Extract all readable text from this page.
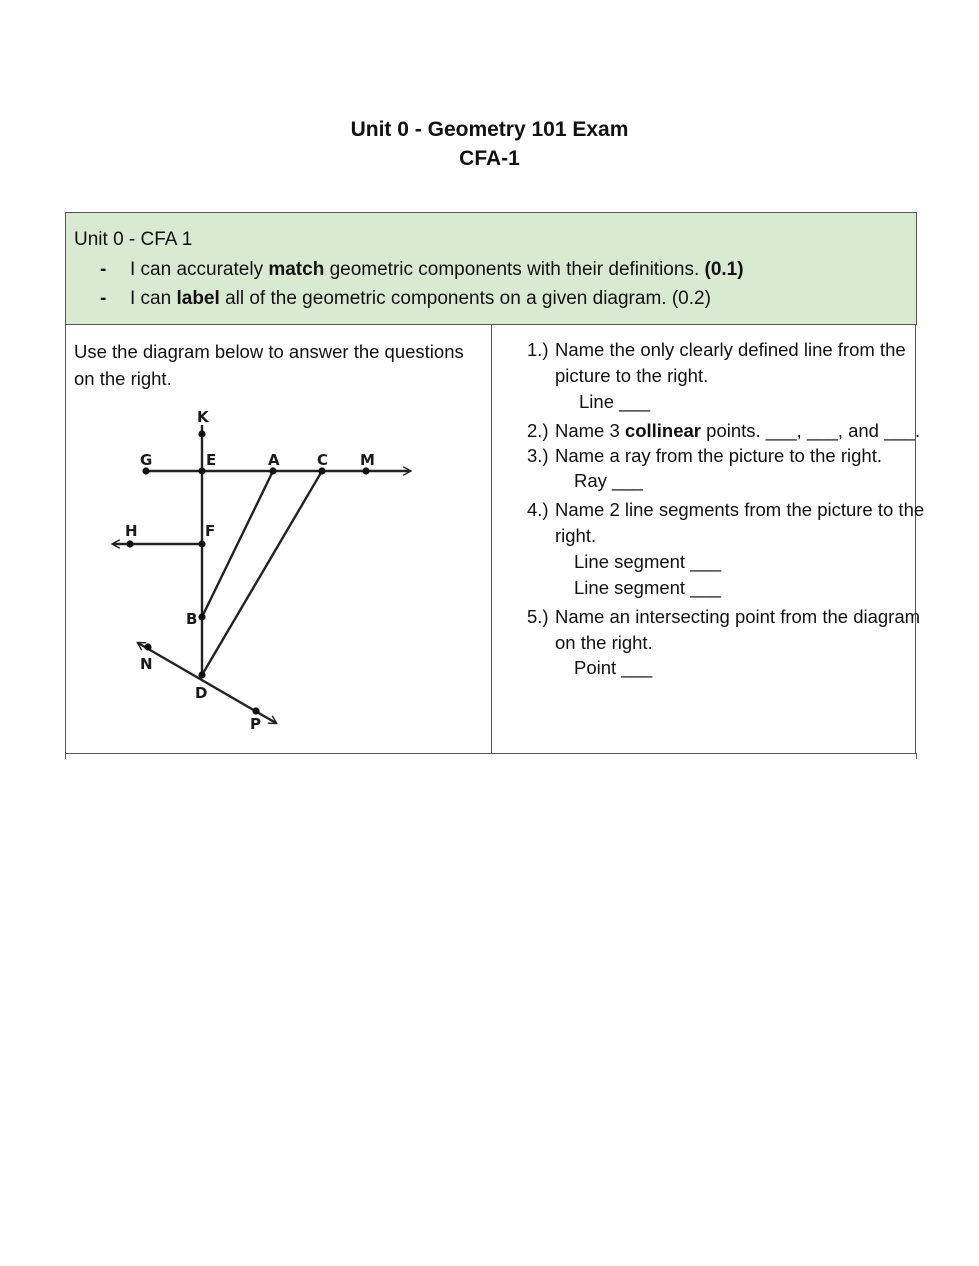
Unit 0 - Geometry 101 Exam
CFA-1
Unit 0 - CFA 1
- I can accurately match geometric components with their definitions. (0.1)
- I can label all of the geometric components on a given diagram. (0.2)
Use the diagram below to answer the questions on the right.
K
G	E	A C M
H	F
B
N
D
P
1.) Name the only clearly defined line from the
picture to the right.
Line ___
2.) Name 3 collinear points. ___, ___, and ___.
3.) Name a ray from the picture to the right.
Ray ___
4.) Name 2 line segments from the picture to the
right.
Line segment ___
Line segment ___
5.) Name an intersecting point from the diagram
on the right.
Point ___
